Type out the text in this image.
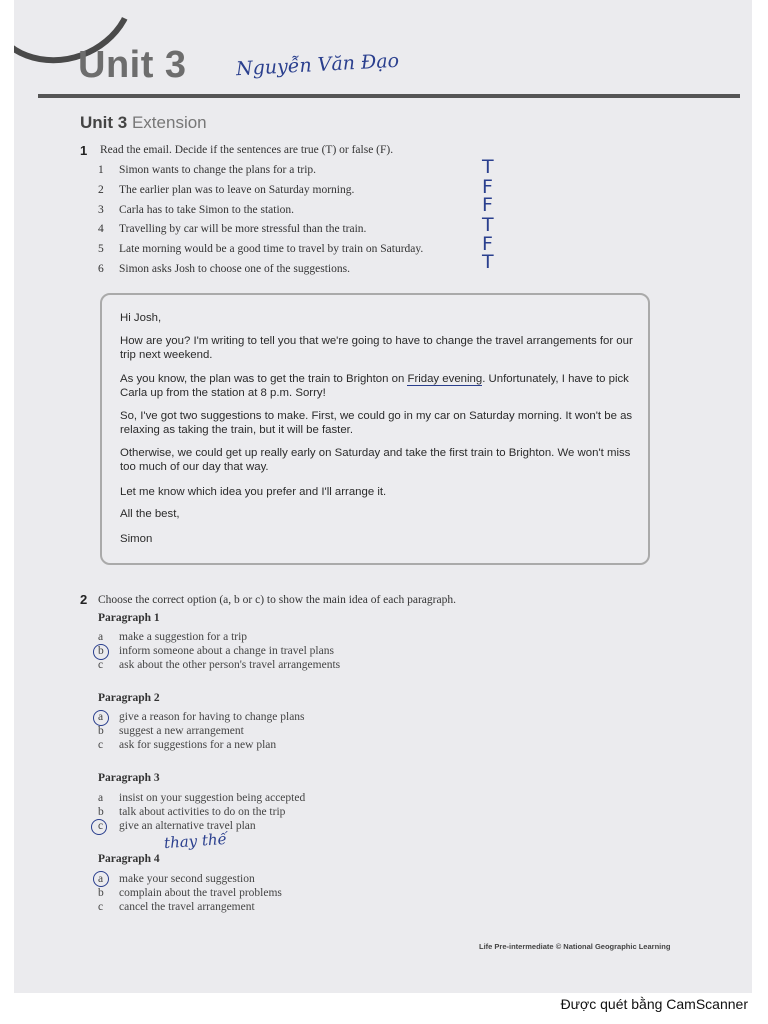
Unit 3	Nguyễn Văn Đạo
Unit 3 Extension
1 Read the email. Decide if the sentences are true (T) or false (F).
1 Simon wants to change the plans for a trip.
2 The earlier plan was to leave on Saturday morning.
3 Carla has to take Simon to the station.
4 Travelling by car will be more stressful than the train.
5 Late morning would be a good time to travel by train on Saturday.
6 Simon asks Josh to choose one of the suggestions.
T
F
F
T
F
T

Hi Josh,

How are you? I'm writing to tell you that we're going to have to change the travel arrangements for our trip next weekend.

As you know, the plan was to get the train to Brighton on Friday evening. Unfortunately, I have to pick Carla up from the station at 8 p.m. Sorry!

So, I've got two suggestions to make. First, we could go in my car on Saturday morning. It won't be as relaxing as taking the train, but it will be faster.

Otherwise, we could get up really early on Saturday and take the first train to Brighton. We won't miss too much of our day that way.

Let me know which idea you prefer and I'll arrange it.

All the best,

Simon

2 Choose the correct option (a, b or c) to show the main idea of each paragraph.
Paragraph 1
a make a suggestion for a trip
b inform someone about a change in travel plans
c ask about the other person's travel arrangements
Paragraph 2
a give a reason for having to change plans
b suggest a new arrangement
c ask for suggestions for a new plan
Paragraph 3
a insist on your suggestion being accepted
b talk about activities to do on the trip
c give an alternative travel plan
thay thế
Paragraph 4
a make your second suggestion
b complain about the travel problems
c cancel the travel arrangement
Life Pre-intermediate © National Geographic Learning
Được quét bằng CamScanner
